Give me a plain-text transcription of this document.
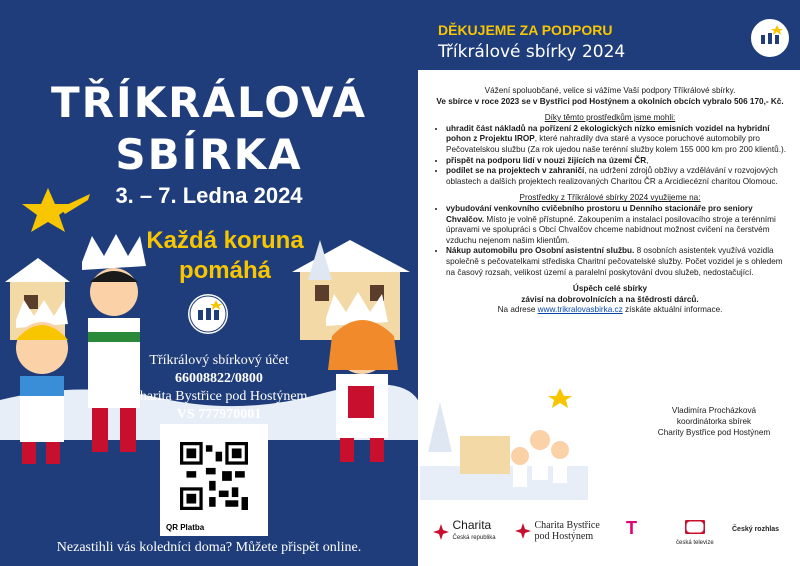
TŘÍKRÁLOVÁ
SBÍRKA
3. – 7. Ledna 2024
Každá koruna
pomáhá
Tříkrálový sbírkový účet
66008822/0800
Charita Bystřice pod Hostýnem
VS 777970001
QR Platba
Nezastihli vás koledníci doma? Můžete přispět online.
DĚKUJEME ZA PODPORU
Tříkrálové sbírky 2024
Vážení spoluobčané, velice si vážíme Vaší podpory Tříkrálové sbírky.
Ve sbírce v roce 2023 se v Bystřici pod Hostýnem a okolních obcích vybralo 506 170,- Kč.
Díky těmto prostředkům jsme mohli:
• uhradit část nákladů na pořízení 2 ekologických nízko emisních vozidel na hybridní pohon z Projektu IROP, které nahradily dva staré a vysoce poruchové automobily pro Pečovatelskou službu (Za rok ujedou naše terénní služby kolem 155 000 km pro 200 klientů.).
• přispět na podporu lidí v nouzi žijících na území ČR,
• podílet se na projektech v zahraničí, na udržení zdrojů obživy a vzdělávání v rozvojových oblastech a dalších projektech realizovaných Charitou ČR a Arcidiecézní charitou Olomouc.
Prostředky z Tříkrálové sbírky 2024 využijeme na:
• vybudování venkovního cvičebního prostoru u Denního stacionáře pro seniory Chvalčov. Místo je volně přístupné. Zakoupením a instalací posilovacího stroje a terénními úpravami ve spolupráci s Obcí Chvalčov chceme nabídnout možnost cvičení na čerstvém vzduchu nejenom našim klientům.
• Nákup automobilu pro Osobní asistentní službu. 8 osobních asistentek využívá vozidla společně s pečovatelkami střediska Charitní pečovatelské služby. Počet vozidel je s ohledem na časový rozsah, velikost území a paralelní poskytování dvou služeb, nedostačující.
Úspěch celé sbírky
závisí na dobrovolnících a na štědrosti dárců.
Na adrese www.trikralovasbirka.cz získáte aktuální informace.
Vladimíra Procházková
koordinátorka sbírek
Charity Bystřice pod Hostýnem
Charita
Česká republika
Charita Bystřice
pod Hostýnem	T

česká televize
Český rozhlas
